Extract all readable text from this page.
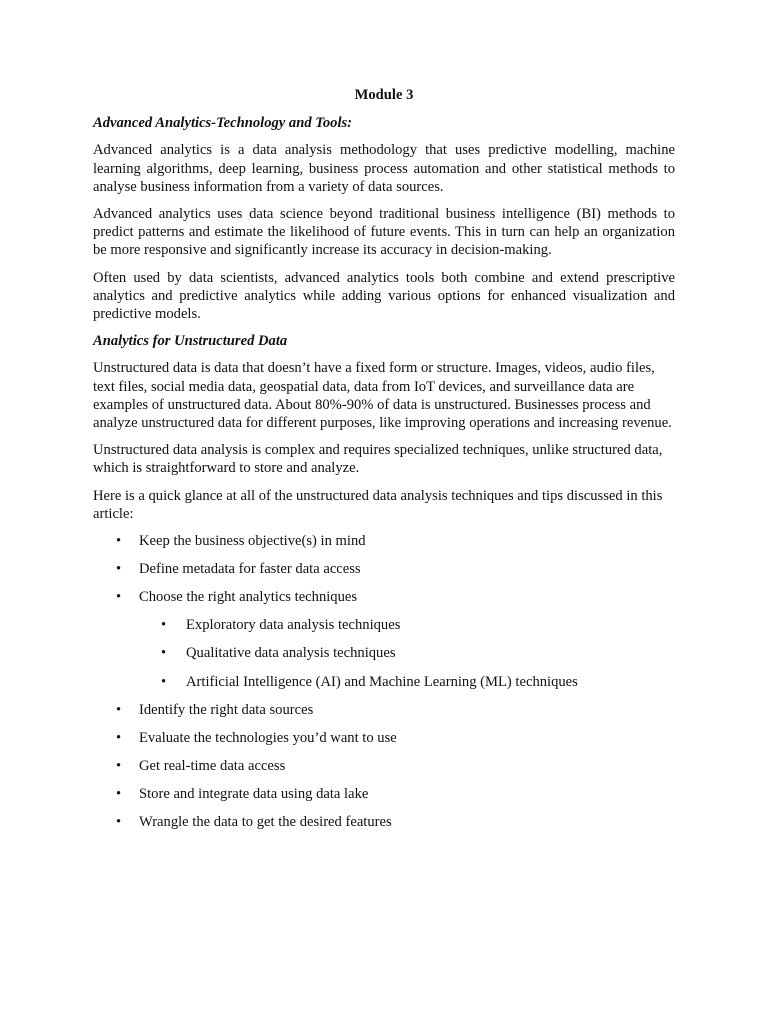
Module 3
Advanced Analytics-Technology and Tools:

Advanced analytics is a data analysis methodology that uses predictive modelling, machine learning algorithms, deep learning, business process automation and other statistical methods to analyse business information from a variety of data sources.

Advanced analytics uses data science beyond traditional business intelligence (BI) methods to predict patterns and estimate the likelihood of future events. This in turn can help an organization be more responsive and significantly increase its accuracy in decision-making.

Often used by data scientists, advanced analytics tools both combine and extend prescriptive analytics and predictive analytics while adding various options for enhanced visualization and predictive models.

Analytics for Unstructured Data

Unstructured data is data that doesn’t have a fixed form or structure. Images, videos, audio files, text files, social media data, geospatial data, data from IoT devices, and surveillance data are examples of unstructured data. About 80%-90% of data is unstructured. Businesses process and analyze unstructured data for different purposes, like improving operations and increasing revenue.

Unstructured data analysis is complex and requires specialized techniques, unlike structured data, which is straightforward to store and analyze.

Here is a quick glance at all of the unstructured data analysis techniques and tips discussed in this article:

• Keep the business objective(s) in mind
• Define metadata for faster data access
• Choose the right analytics techniques
• Exploratory data analysis techniques
• Qualitative data analysis techniques
• Artificial Intelligence (AI) and Machine Learning (ML) techniques
• Identify the right data sources
• Evaluate the technologies you’d want to use
• Get real-time data access
• Store and integrate data using data lake
• Wrangle the data to get the desired features
